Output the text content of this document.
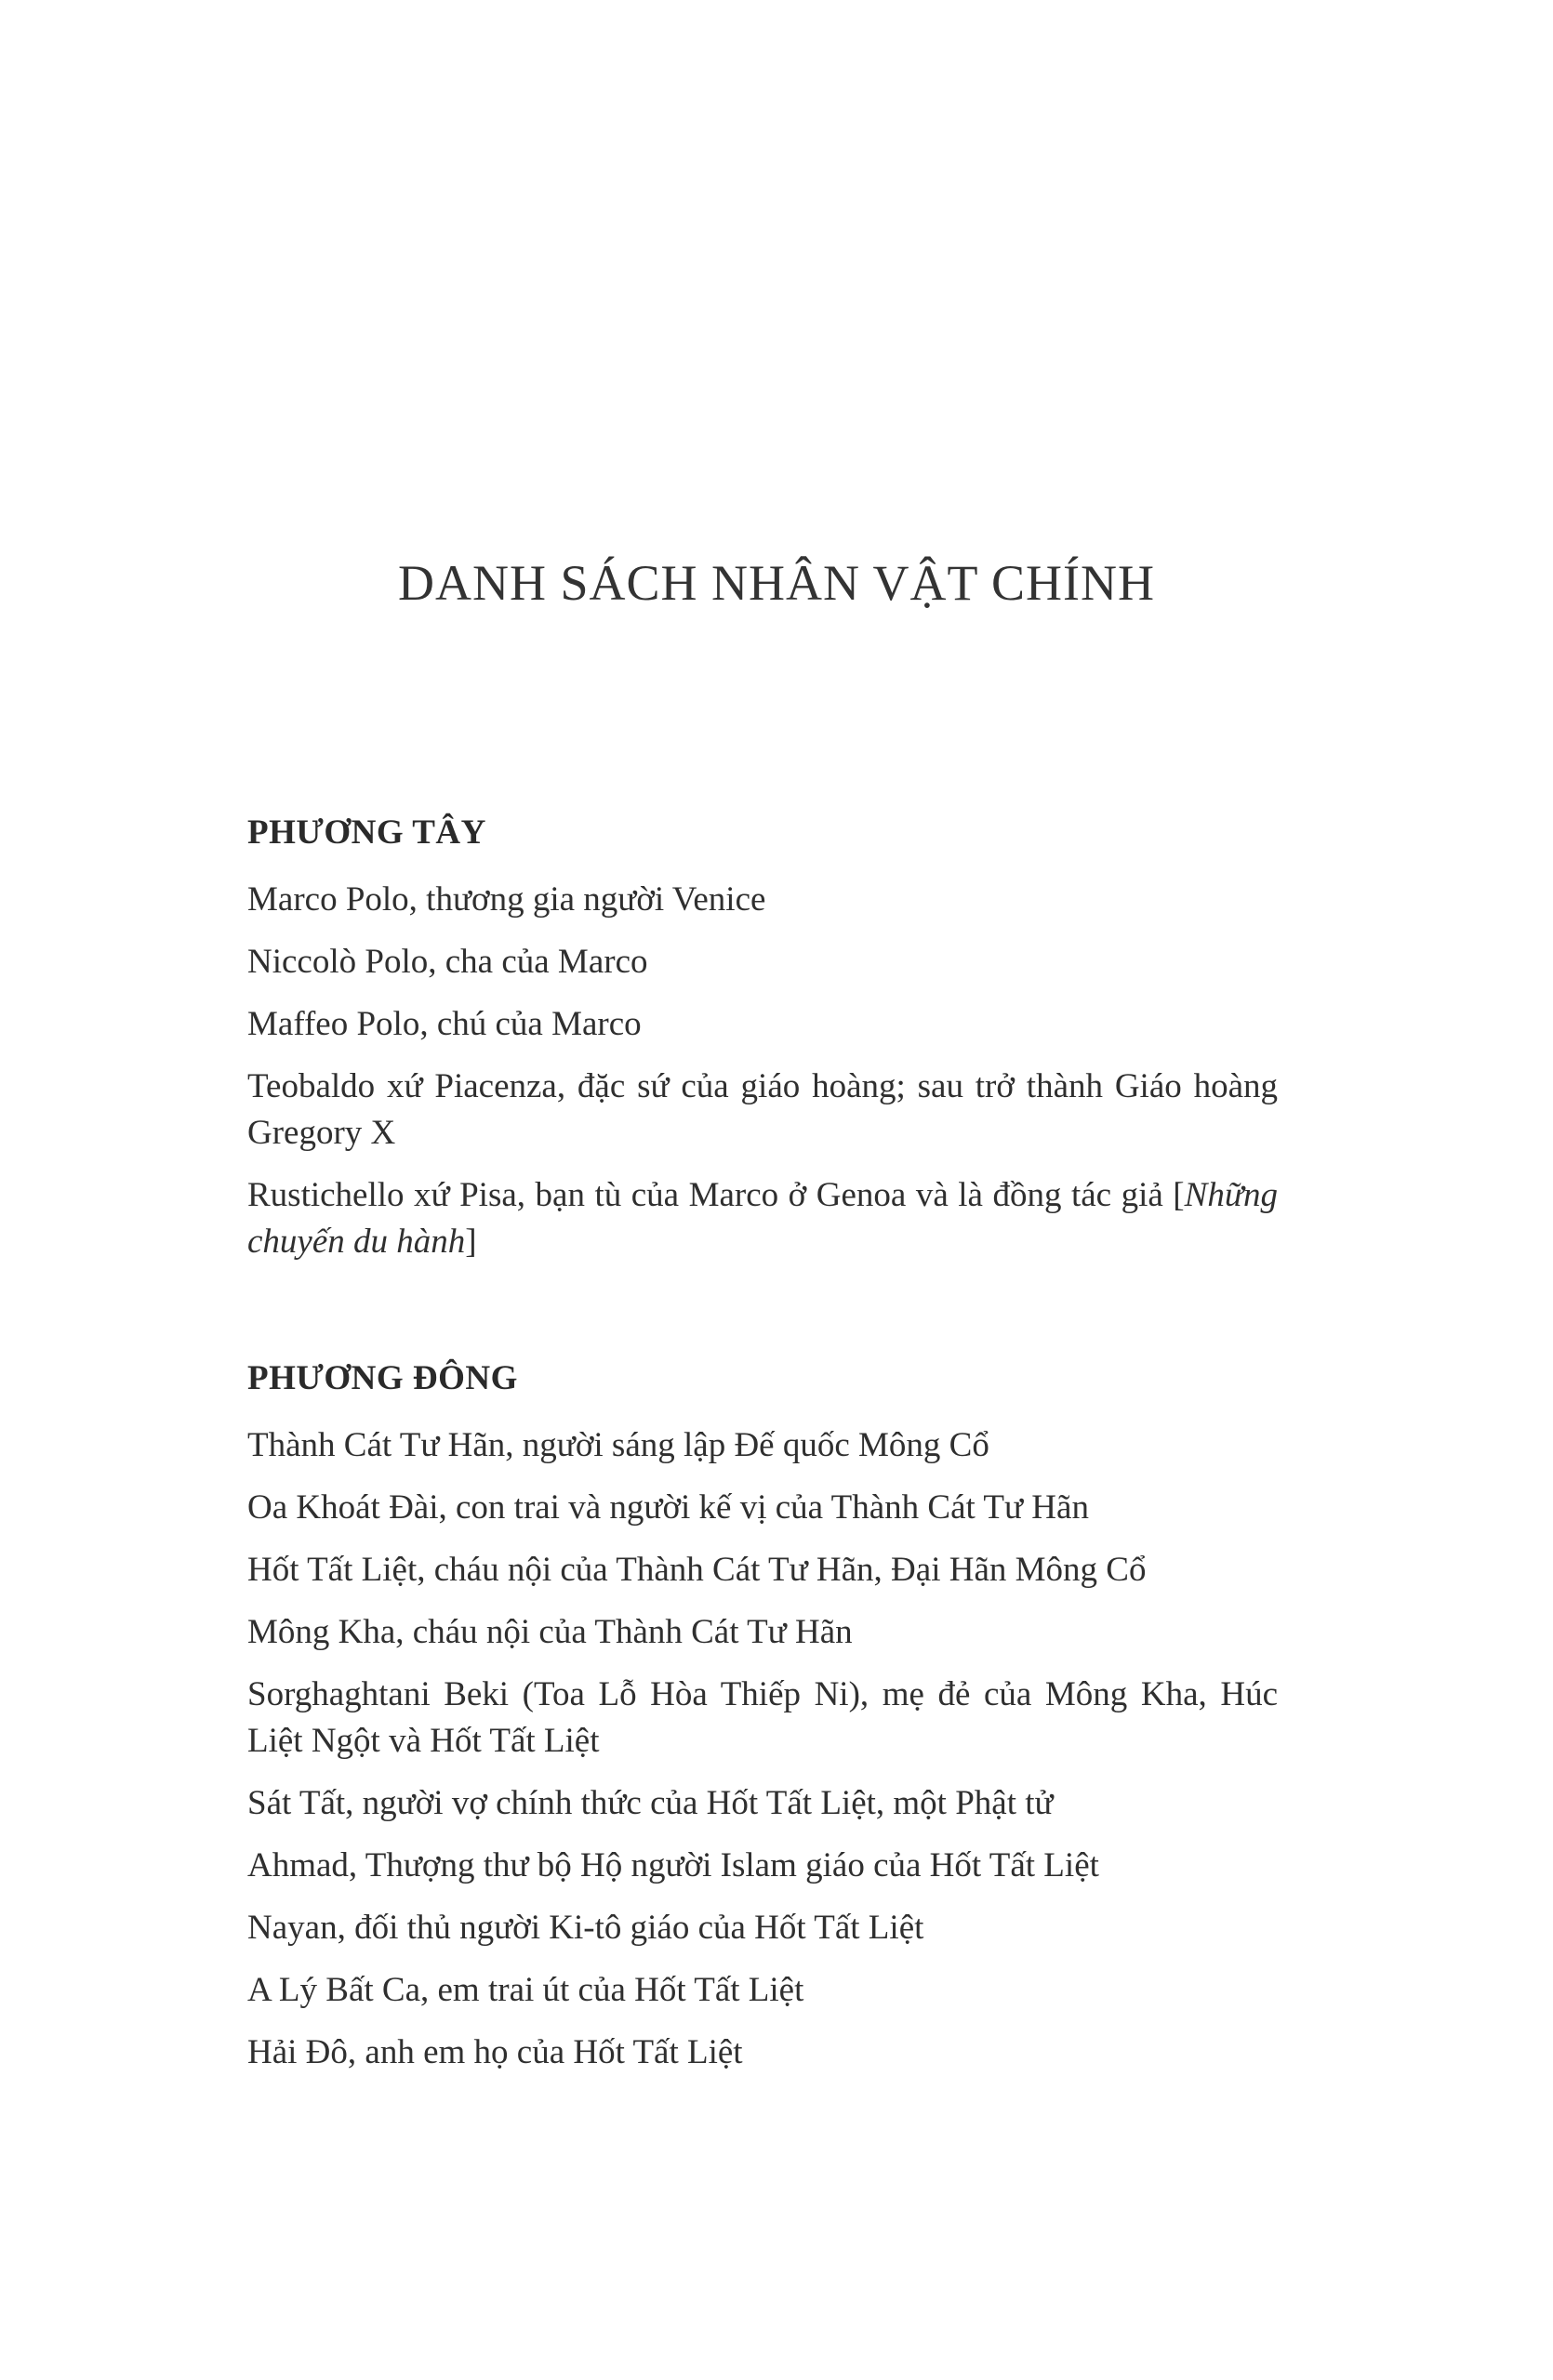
DANH SÁCH NHÂN VẬT CHÍNH
PHƯƠNG TÂY
Marco Polo, thương gia người Venice
Niccolò Polo, cha của Marco
Maffeo Polo, chú của Marco
Teobaldo xứ Piacenza, đặc sứ của giáo hoàng; sau trở thành Giáo hoàng Gregory X
Rustichello xứ Pisa, bạn tù của Marco ở Genoa và là đồng tác giả [Những chuyến du hành]
PHƯƠNG ĐÔNG
Thành Cát Tư Hãn, người sáng lập Đế quốc Mông Cổ
Oa Khoát Đài, con trai và người kế vị của Thành Cát Tư Hãn
Hốt Tất Liệt, cháu nội của Thành Cát Tư Hãn, Đại Hãn Mông Cổ
Mông Kha, cháu nội của Thành Cát Tư Hãn
Sorghaghtani Beki (Toa Lỗ Hòa Thiếp Ni), mẹ đẻ của Mông Kha, Húc Liệt Ngột và Hốt Tất Liệt
Sát Tất, người vợ chính thức của Hốt Tất Liệt, một Phật tử
Ahmad, Thượng thư bộ Hộ người Islam giáo của Hốt Tất Liệt
Nayan, đối thủ người Ki-tô giáo của Hốt Tất Liệt
A Lý Bất Ca, em trai út của Hốt Tất Liệt
Hải Đô, anh em họ của Hốt Tất Liệt
